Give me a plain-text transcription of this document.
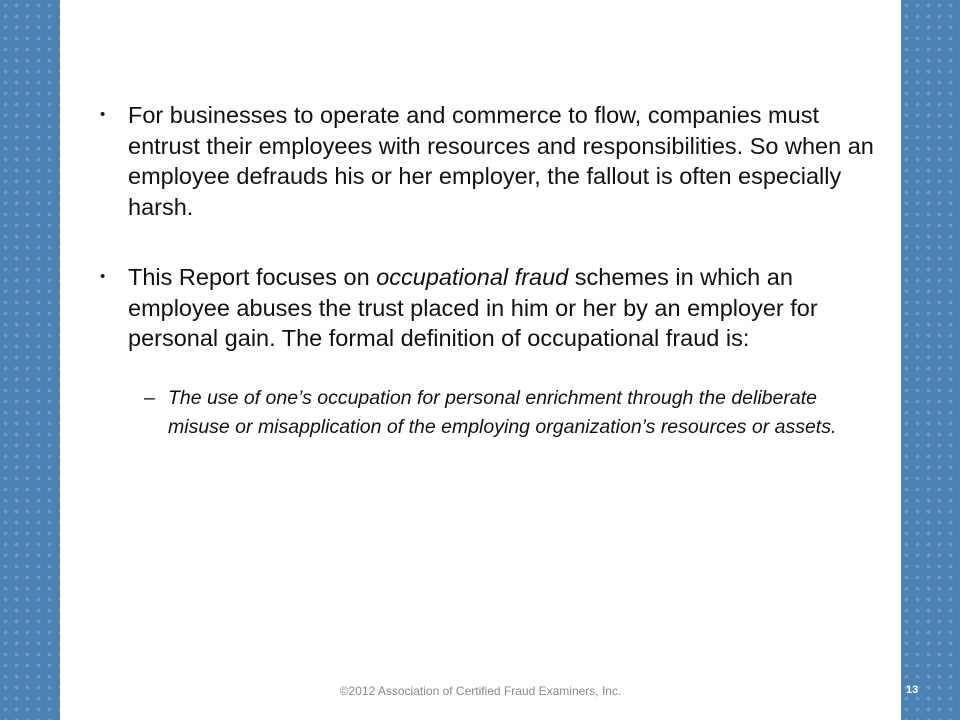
• For businesses to operate and commerce to flow, companies must entrust their employees with resources and responsibilities. So when an employee defrauds his or her employer, the fallout is often especially harsh.
• This Report focuses on occupational fraud schemes in which an employee abuses the trust placed in him or her by an employer for personal gain. The formal definition of occupational fraud is:
– The use of one’s occupation for personal enrichment through the deliberate misuse or misapplication of the employing organization’s resources or assets.
©2012 Association of Certified Fraud Examiners, Inc.	13
